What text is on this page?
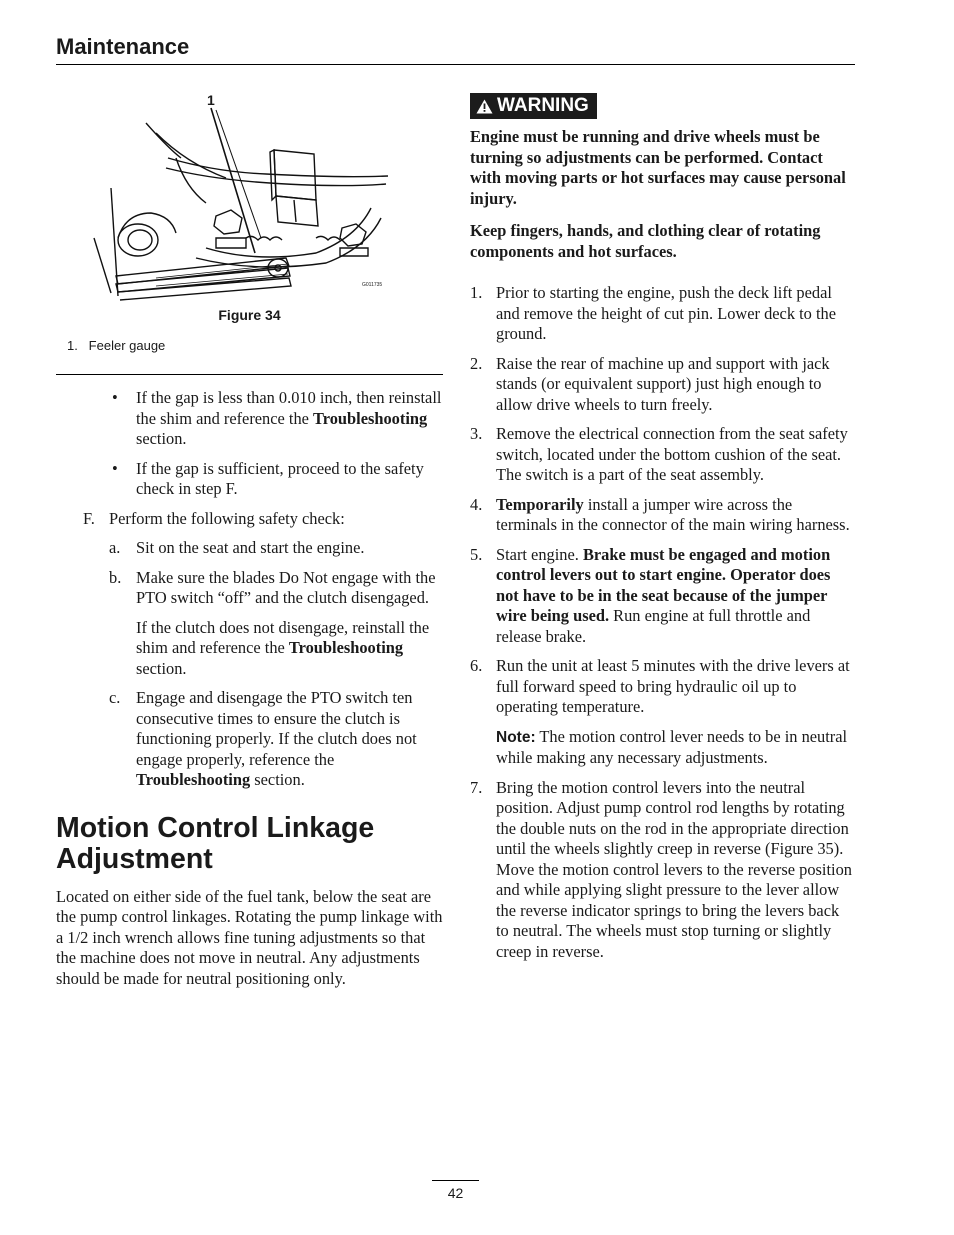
Maintenance
1
G011735
Figure 34
1.   Feeler gauge
• If the gap is less than 0.010 inch, then reinstall the shim and reference the Troubleshooting section.
• If the gap is sufficient, proceed to the safety check in step F.
F. Perform the following safety check:
a. Sit on the seat and start the engine.
b. Make sure the blades Do Not engage with the PTO switch “off” and the clutch disengaged.
If the clutch does not disengage, reinstall the shim and reference the Troubleshooting section.
c. Engage and disengage the PTO switch ten consecutive times to ensure the clutch is functioning properly. If the clutch does not engage properly, reference the Troubleshooting section.
Motion Control Linkage Adjustment

Located on either side of the fuel tank, below the seat are the pump control linkages. Rotating the pump linkage with a 1/2 inch wrench allows fine tuning adjustments so that the machine does not move in neutral. Any adjustments should be made for neutral positioning only.

WARNING

Engine must be running and drive wheels must be turning so adjustments can be performed. Contact with moving parts or hot surfaces may cause personal injury.

Keep fingers, hands, and clothing clear of rotating components and hot surfaces.

1. Prior to starting the engine, push the deck lift pedal and remove the height of cut pin. Lower deck to the ground.
2. Raise the rear of machine up and support with jack stands (or equivalent support) just high enough to allow drive wheels to turn freely.
3. Remove the electrical connection from the seat safety switch, located under the bottom cushion of the seat. The switch is a part of the seat assembly.
4. Temporarily install a jumper wire across the terminals in the connector of the main wiring harness.
5. Start engine. Brake must be engaged and motion control levers out to start engine. Operator does not have to be in the seat because of the jumper wire being used. Run engine at full throttle and release brake.
6. Run the unit at least 5 minutes with the drive levers at full forward speed to bring hydraulic oil up to operating temperature.
Note: The motion control lever needs to be in neutral while making any necessary adjustments.
7. Bring the motion control levers into the neutral position. Adjust pump control rod lengths by rotating the double nuts on the rod in the appropriate direction until the wheels slightly creep in reverse (Figure 35). Move the motion control levers to the reverse position and while applying slight pressure to the lever allow the reverse indicator springs to bring the levers back to neutral. The wheels must stop turning or slightly creep in reverse.
42
